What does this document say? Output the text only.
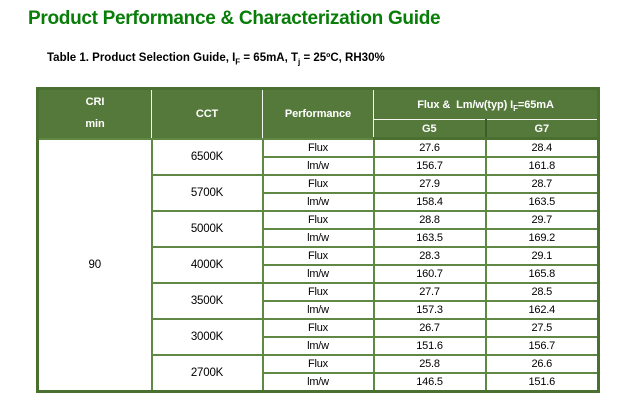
Product Performance & Characterization Guide

Table 1. Product Selection Guide, $I_F = 65mA$, $T_j$ = 25ºC, RH30%

CRI
min	CCT	Performance	Flux &  Lm/w(typ) $I_F=65mA$	
			G5	G7
90	6500K	Flux	27.6	28.4
		lm/w	156.7	161.8
	5700K	Flux	27.9	28.7
		lm/w	158.4	163.5
	5000K	Flux	28.8	29.7
		lm/w	163.5	169.2
	4000K	Flux	28.3	29.1
		lm/w	160.7	165.8
	3500K	Flux	27.7	28.5
		lm/w	157.3	162.4
	3000K	Flux	26.7	27.5
		lm/w	151.6	156.7
	2700K	Flux	25.8	26.6
		lm/w	146.5	151.6
